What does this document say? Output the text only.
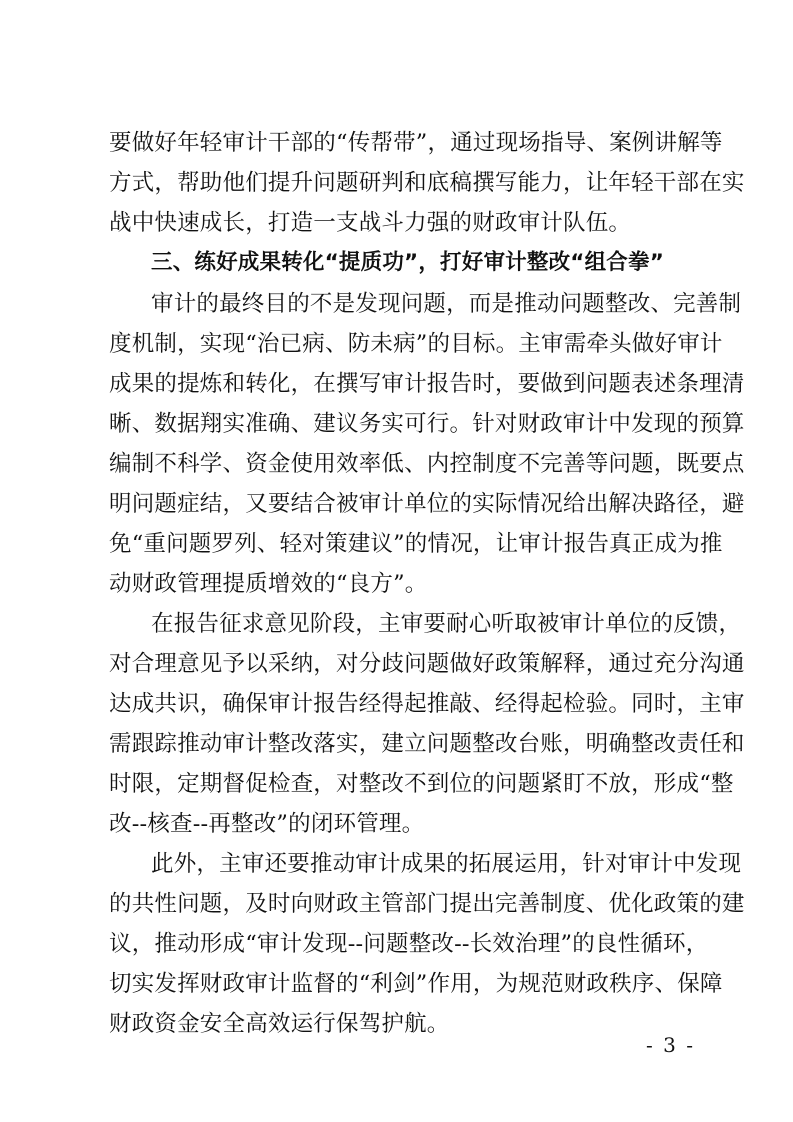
要做好年轻审计干部的“传帮带”，通过现场指导、案例讲解等
方式，帮助他们提升问题研判和底稿撰写能力，让年轻干部在实
战中快速成长，打造一支战斗力强的财政审计队伍。
三、练好成果转化“提质功”，打好审计整改“组合拳”
审计的最终目的不是发现问题，而是推动问题整改、完善制
度机制，实现“治已病、防未病”的目标。主审需牵头做好审计
成果的提炼和转化，在撰写审计报告时，要做到问题表述条理清
晰、数据翔实准确、建议务实可行。针对财政审计中发现的预算
编制不科学、资金使用效率低、内控制度不完善等问题，既要点
明问题症结，又要结合被审计单位的实际情况给出解决路径，避
免“重问题罗列、轻对策建议”的情况，让审计报告真正成为推
动财政管理提质增效的“良方”。
在报告征求意见阶段，主审要耐心听取被审计单位的反馈，
对合理意见予以采纳，对分歧问题做好政策解释，通过充分沟通
达成共识，确保审计报告经得起推敲、经得起检验。同时，主审
需跟踪推动审计整改落实，建立问题整改台账，明确整改责任和
时限，定期督促检查，对整改不到位的问题紧盯不放，形成“整
改--核查--再整改”的闭环管理。
此外，主审还要推动审计成果的拓展运用，针对审计中发现
的共性问题，及时向财政主管部门提出完善制度、优化政策的建
议，推动形成“审计发现--问题整改--长效治理”的良性循环，
切实发挥财政审计监督的“利剑”作用，为规范财政秩序、保障
财政资金安全高效运行保驾护航。
- 3 -
